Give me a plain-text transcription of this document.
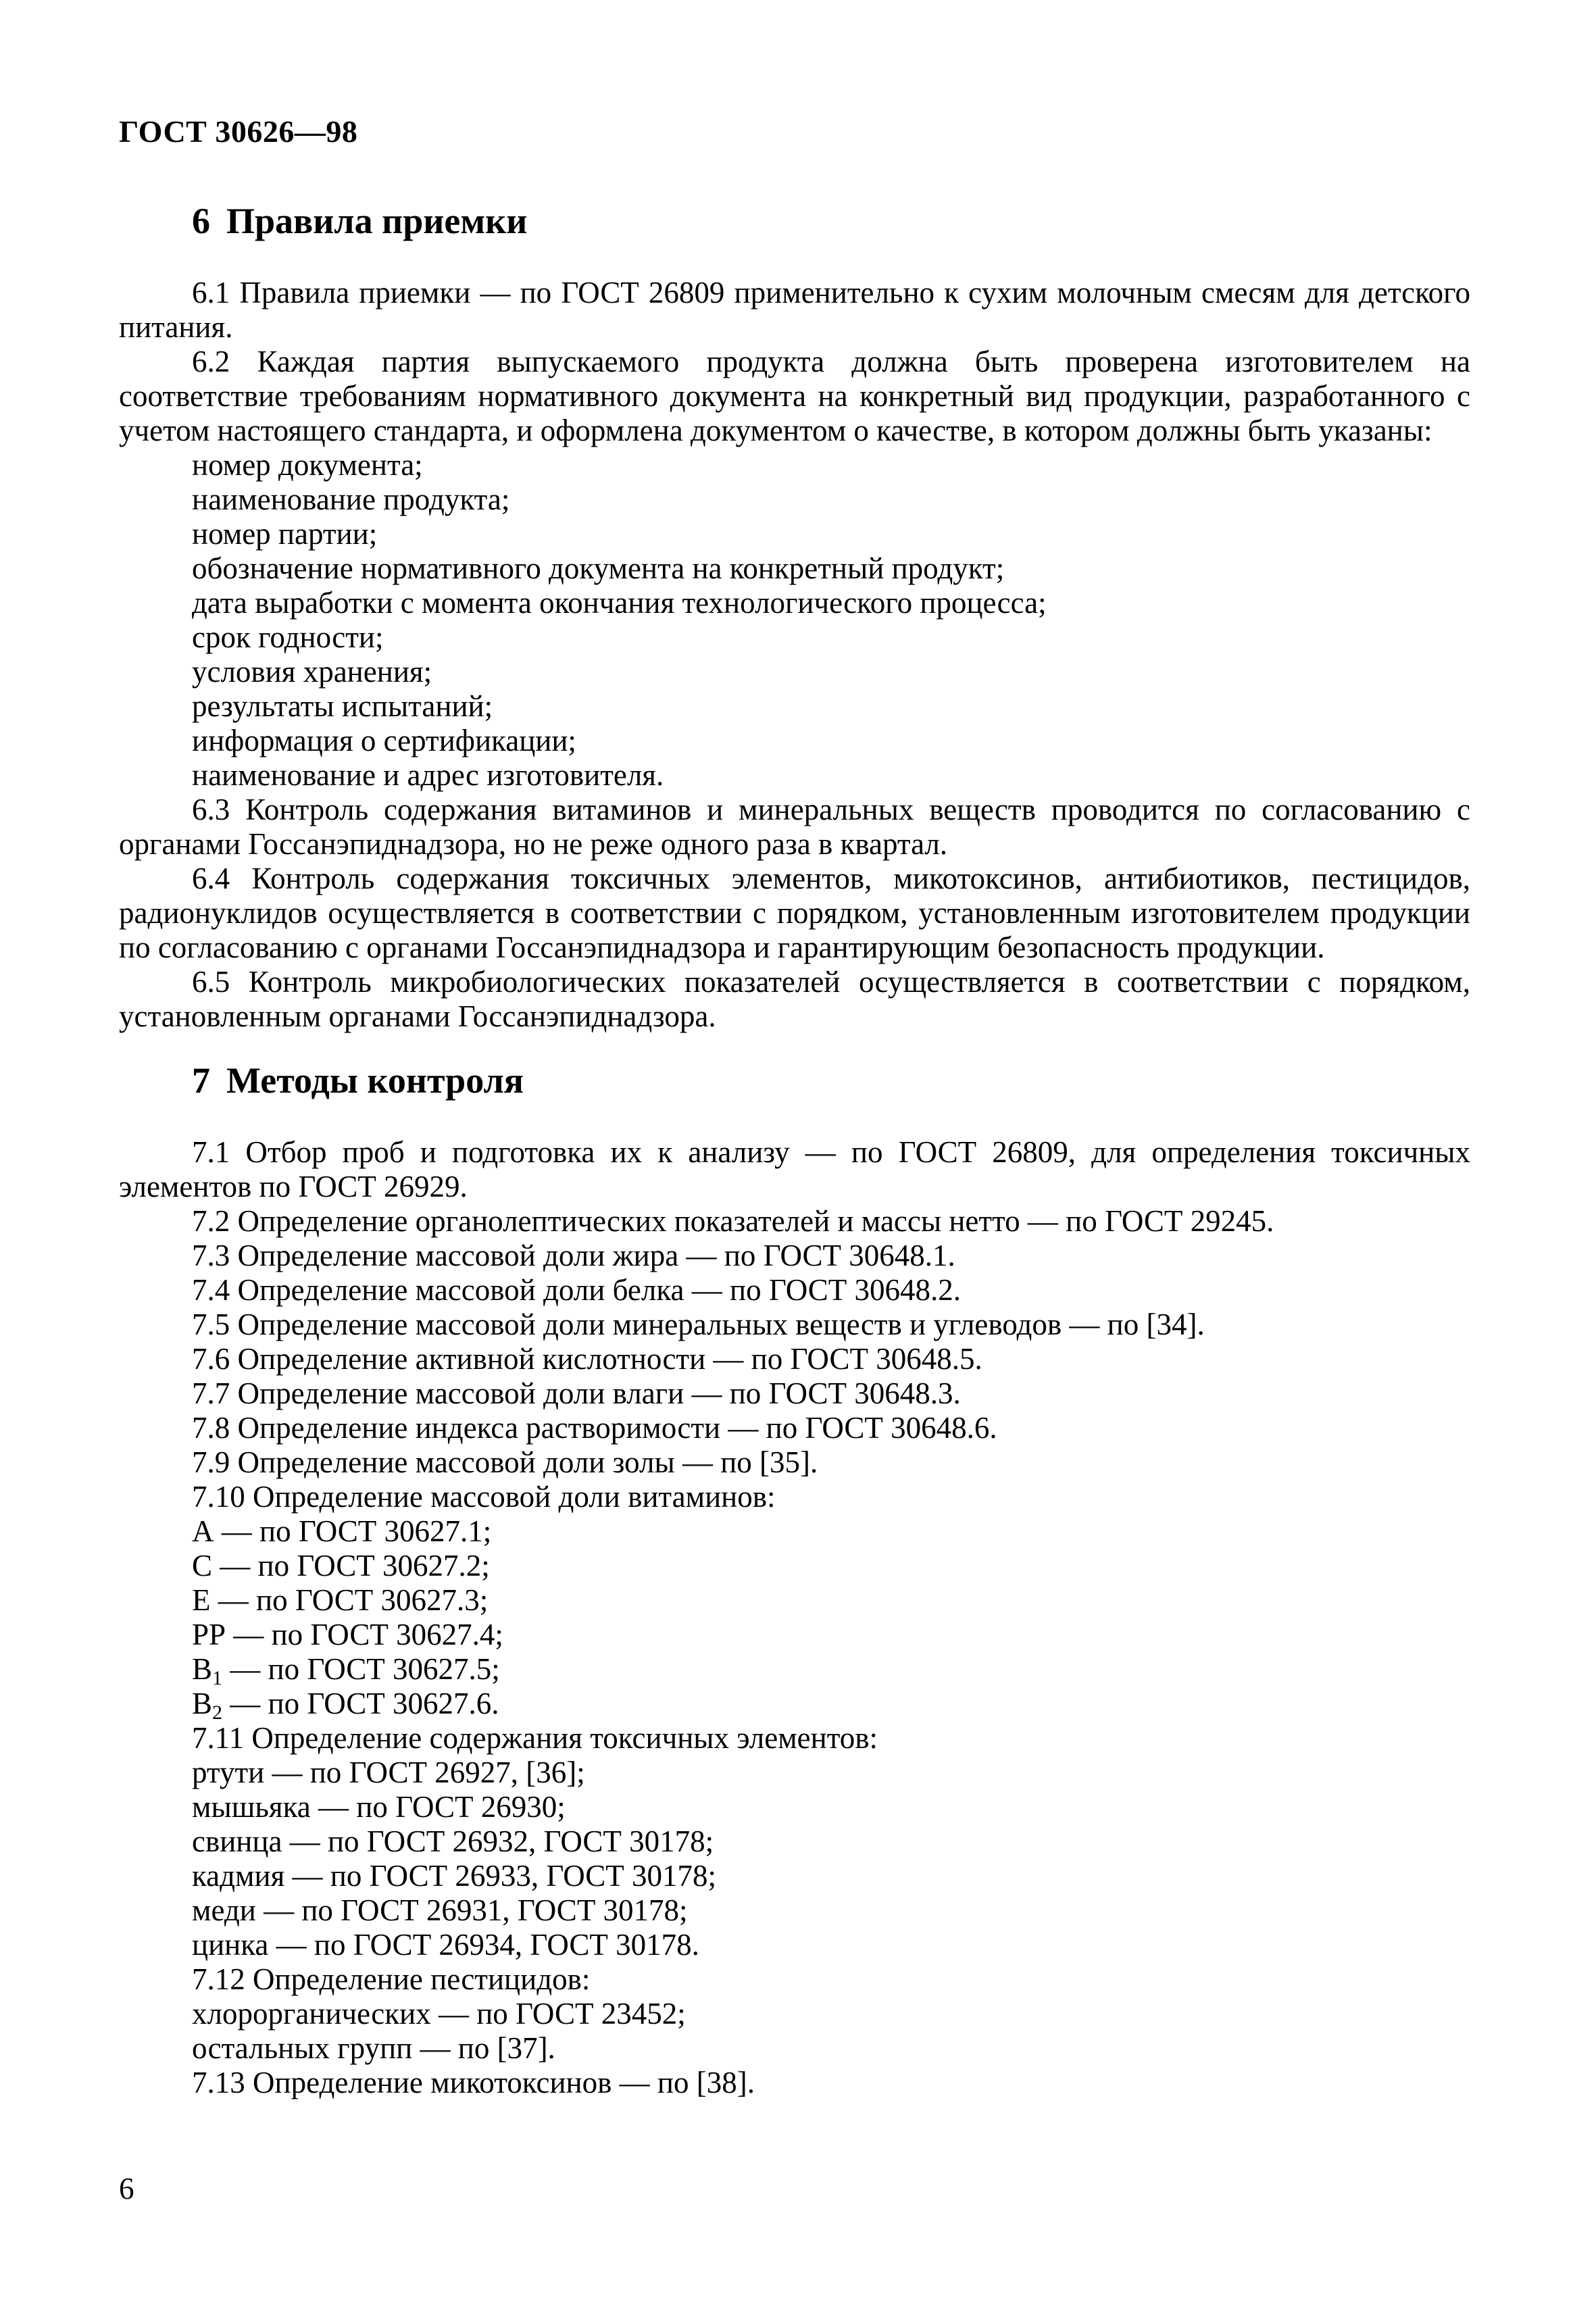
ГОСТ 30626—98
6 Правила приемки

6.1 Правила приемки — по ГОСТ 26809 применительно к сухим молочным смесям для детского питания.

6.2 Каждая партия выпускаемого продукта должна быть проверена изготовителем на соответствие требованиям нормативного документа на конкретный вид продукции, разработанного с учетом настоящего стандарта, и оформлена документом о качестве, в котором должны быть указаны:

номер документа;

наименование продукта;

номер партии;

обозначение нормативного документа на конкретный продукт;

дата выработки с момента окончания технологического процесса;

срок годности;

условия хранения;

результаты испытаний;

информация о сертификации;

наименование и адрес изготовителя.

6.3 Контроль содержания витаминов и минеральных веществ проводится по согласованию с органами Госсанэпиднадзора, но не реже одного раза в квартал.

6.4 Контроль содержания токсичных элементов, микотоксинов, антибиотиков, пестицидов, радионуклидов осуществляется в соответствии с порядком, установленным изготовителем продукции по согласованию с органами Госсанэпиднадзора и гарантирующим безопасность продукции.

6.5 Контроль микробиологических показателей осуществляется в соответствии с порядком, установленным органами Госсанэпиднадзора.

7 Методы контроля

7.1 Отбор проб и подготовка их к анализу — по ГОСТ 26809, для определения токсичных элементов по ГОСТ 26929.

7.2 Определение органолептических показателей и массы нетто — по ГОСТ 29245.

7.3 Определение массовой доли жира — по ГОСТ 30648.1.

7.4 Определение массовой доли белка — по ГОСТ 30648.2.

7.5 Определение массовой доли минеральных веществ и углеводов — по [34].

7.6 Определение активной кислотности — по ГОСТ 30648.5.

7.7 Определение массовой доли влаги — по ГОСТ 30648.3.

7.8 Определение индекса растворимости — по ГОСТ 30648.6.

7.9 Определение массовой доли золы — по [35].

7.10 Определение массовой доли витаминов:

А — по ГОСТ 30627.1;

С — по ГОСТ 30627.2;

Е — по ГОСТ 30627.3;

РР — по ГОСТ 30627.4;

$В_1$ — по ГОСТ 30627.5;

$В_2$ — по ГОСТ 30627.6.

7.11 Определение содержания токсичных элементов:

ртути — по ГОСТ 26927, [36];

мышьяка — по ГОСТ 26930;

свинца — по ГОСТ 26932, ГОСТ 30178;

кадмия — по ГОСТ 26933, ГОСТ 30178;

меди — по ГОСТ 26931, ГОСТ 30178;

цинка — по ГОСТ 26934, ГОСТ 30178.

7.12 Определение пестицидов:

хлорорганических — по ГОСТ 23452;

остальных групп — по [37].

7.13 Определение микотоксинов — по [38].

6
